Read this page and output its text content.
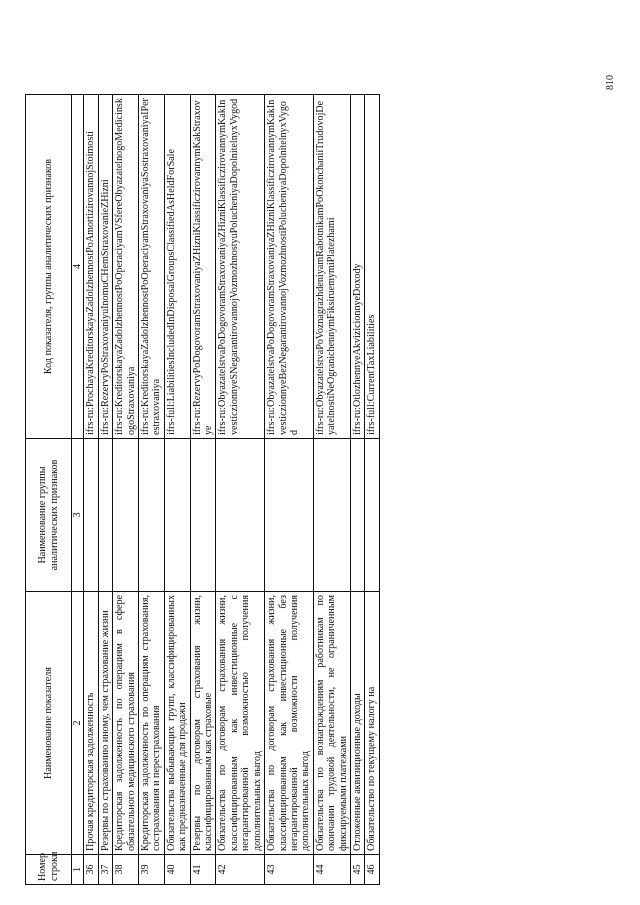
Номер строки	Наименование показателя	Наименование группы аналитических признаков	Код показателя, группы аналитических признаков
1	2	3	4
36	Прочая кредиторская задолженность		ifrs-ru:ProchayaKreditorskayaZadolzhennostPoAmortizirovannojStoimosti
37	Резервы по страхованию иному, чем страхование жизни		ifrs-ru:RezervyPoStraxovaniyuInomuCHemStraxovanieZHizni
38	Кредиторская задолженность по операциям в сфере обязательного медицинского страхования		ifrs-ru:KreditorskayaZadolzhennostPoOperaciyamVSfereObyazatelnogoMedicinskogoStraxovaniya
39	Кредиторская задолженность по операциям страхования, сострахования и перестрахования		ifrs-ru:KreditorskayaZadolzhennostPoOperaciyamStraxovaniyaSostraxovaniyaIPerestraxovaniya
40	Обязательства выбывающих групп, классифицированных как предназначенные для продажи		ifrs-full:LiabilitiesIncludedInDisposalGroupsClassifiedAsHeldForSale
41	Резервы по договорам страхования жизни, классифицированным как страховые		ifrs-ru:RezervyPoDogovoramStraxovaniyaZHizniKlassificzirovannymKakStraxovye
42	Обязательства по договорам страхования жизни, классифицированным как инвестиционные с негарантированной возможностью получения дополнительных выгод		ifrs-ru:ObyazatelstvaPoDogovoramStraxovaniyaZHizniKlassificzirovannymKakInvesticzionnyeSNegarantirovannojVozmozhnostyuPolucheniyaDopolnitelnyxVygod
43	Обязательства по договорам страхования жизни, классифицированным как инвестиционные без негарантированной возможности получения дополнительных выгод		ifrs-ru:ObyazatelstvaPoDogovoramStraxovaniyaZHizniKlassificzirovannymKakInvesticzionnyeBezNegarantirovannojVozmozhnostiPolucheniyaDopolnitelnyxVygod
44	Обязательства по вознаграждениям работникам по окончании трудовой деятельности, не ограниченным фиксируемыми платежами		ifrs-ru:ObyazatelstvaPoVoznagrazhdeniyamRabotnikamPoOkonchaniiTrudovojDeyatelnostiNeOgranichennymFiksiruemymiPlatezhami
45	Отложенные аквизиционные доходы		ifrs-ru:OtlozhennyeAkvizicionnyeDoxody
46	Обязательство по текущему налогу на		ifrs-full:CurrentTaxLiabilities
810
